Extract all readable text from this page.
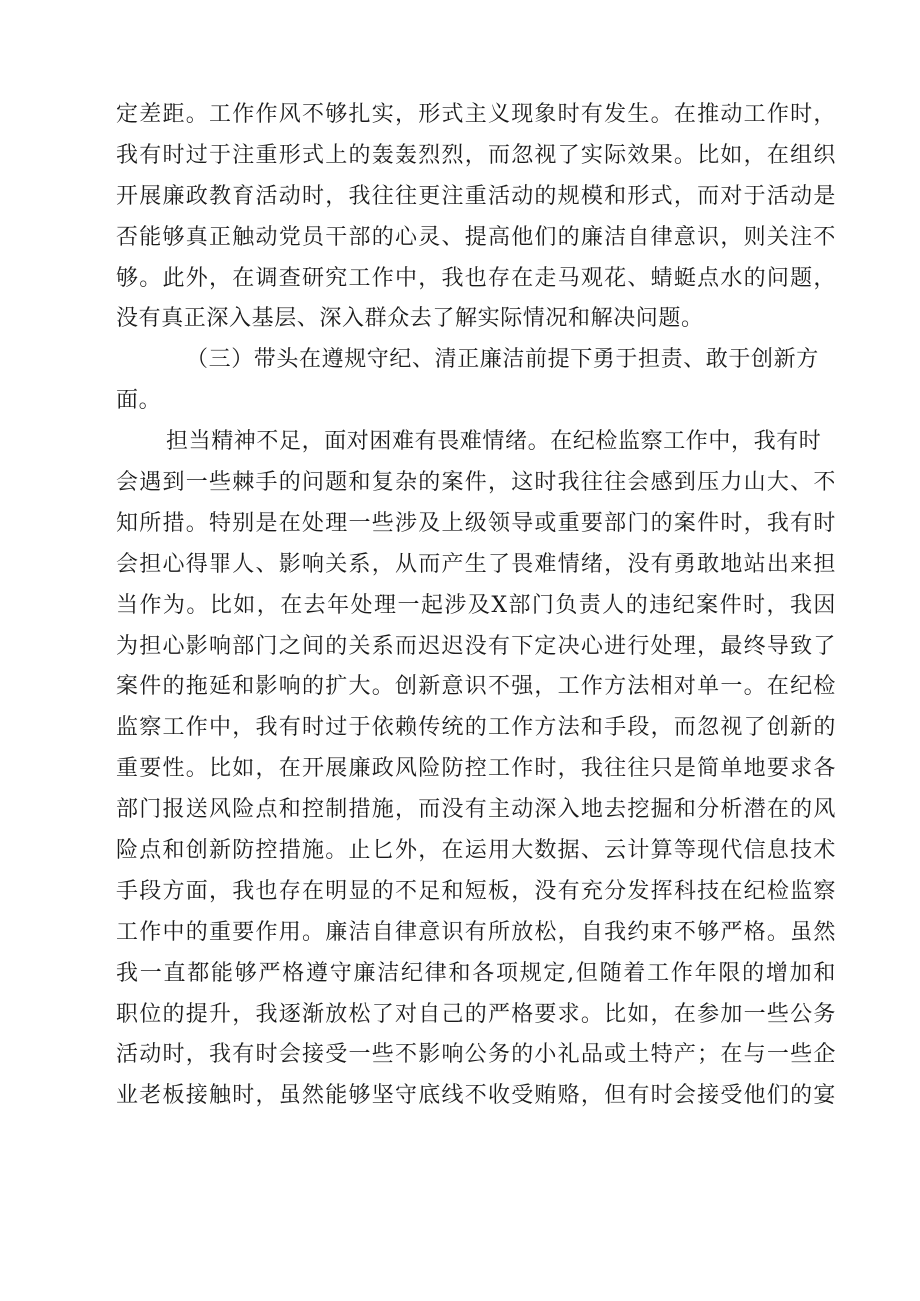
定差距。工作作风不够扎实，形式主义现象时有发生。在推动工作时，
我有时过于注重形式上的轰轰烈烈，而忽视了实际效果。比如，在组织
开展廉政教育活动时，我往往更注重活动的规模和形式，而对于活动是
否能够真正触动党员干部的心灵、提高他们的廉洁自律意识，则关注不
够。此外，在调查研究工作中，我也存在走马观花、蜻蜓点水的问题，
没有真正深入基层、深入群众去了解实际情况和解决问题。
（三）带头在遵规守纪、清正廉洁前提下勇于担责、敢于创新方
面。
担当精神不足，面对困难有畏难情绪。在纪检监察工作中，我有时
会遇到一些棘手的问题和复杂的案件，这时我往往会感到压力山大、不
知所措。特别是在处理一些涉及上级领导或重要部门的案件时，我有时
会担心得罪人、影响关系，从而产生了畏难情绪，没有勇敢地站出来担
当作为。比如，在去年处理一起涉及X部门负责人的违纪案件时，我因
为担心影响部门之间的关系而迟迟没有下定决心进行处理，最终导致了
案件的拖延和影响的扩大。创新意识不强，工作方法相对单一。在纪检
监察工作中，我有时过于依赖传统的工作方法和手段，而忽视了创新的
重要性。比如，在开展廉政风险防控工作时，我往往只是简单地要求各
部门报送风险点和控制措施，而没有主动深入地去挖掘和分析潜在的风
险点和创新防控措施。止匕外，在运用大数据、云计算等现代信息技术
手段方面，我也存在明显的不足和短板，没有充分发挥科技在纪检监察
工作中的重要作用。廉洁自律意识有所放松，自我约束不够严格。虽然
我一直都能够严格遵守廉洁纪律和各项规定,但随着工作年限的增加和
职位的提升，我逐渐放松了对自己的严格要求。比如，在参加一些公务
活动时，我有时会接受一些不影响公务的小礼品或土特产；在与一些企
业老板接触时，虽然能够坚守底线不收受贿赂，但有时会接受他们的宴
